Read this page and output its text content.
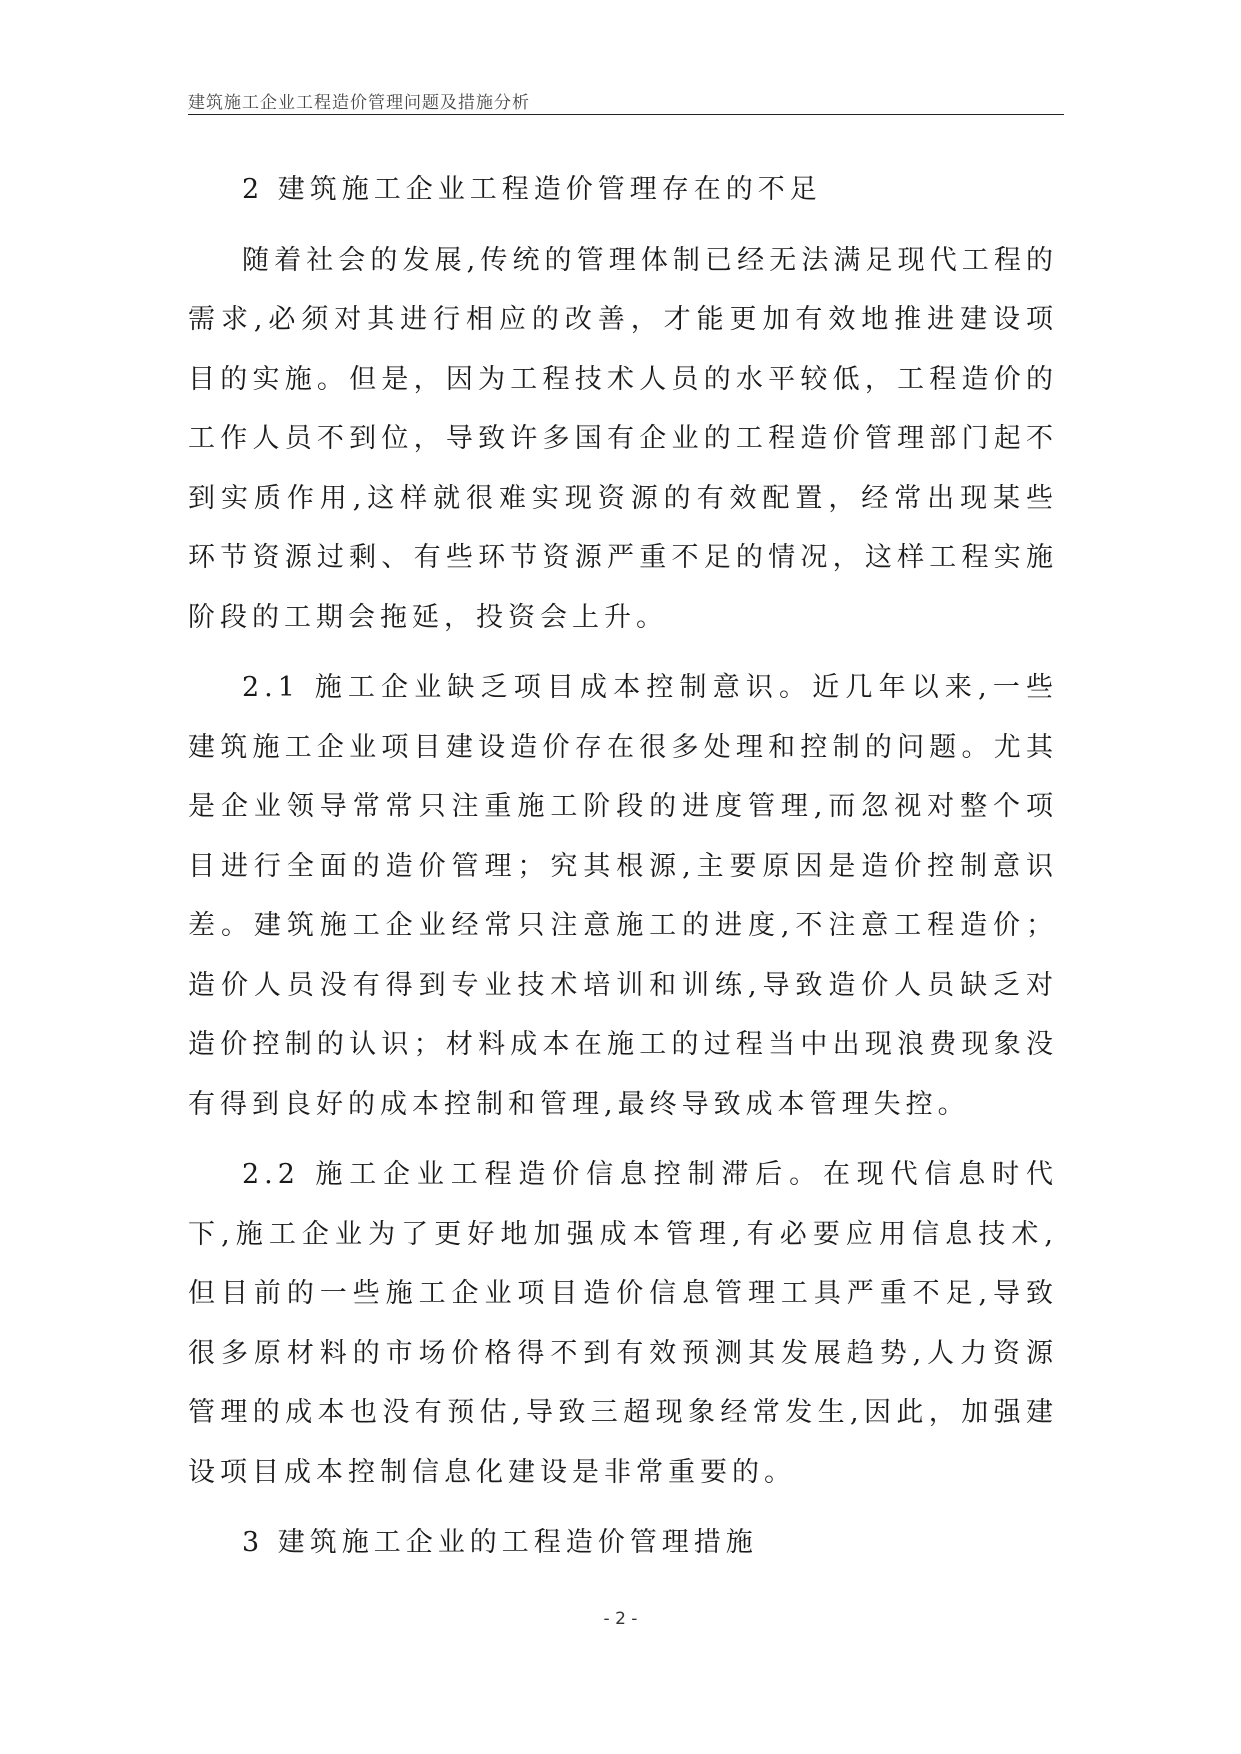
建筑施工企业工程造价管理问题及措施分析
2 建筑施工企业工程造价管理存在的不足

随着社会的发展,传统的管理体制已经无法满足现代工程的需求,必须对其进行相应的改善，才能更加有效地推进建设项目的实施。但是，因为工程技术人员的水平较低，工程造价的工作人员不到位，导致许多国有企业的工程造价管理部门起不到实质作用,这样就很难实现资源的有效配置，经常出现某些环节资源过剩、有些环节资源严重不足的情况，这样工程实施阶段的工期会拖延，投资会上升。

2.1 施工企业缺乏项目成本控制意识。近几年以来,一些建筑施工企业项目建设造价存在很多处理和控制的问题。尤其是企业领导常常只注重施工阶段的进度管理,而忽视对整个项目进行全面的造价管理；究其根源,主要原因是造价控制意识差。建筑施工企业经常只注意施工的进度,不注意工程造价；造价人员没有得到专业技术培训和训练,导致造价人员缺乏对造价控制的认识；材料成本在施工的过程当中出现浪费现象没有得到良好的成本控制和管理,最终导致成本管理失控。

2.2 施工企业工程造价信息控制滞后。在现代信息时代下,施工企业为了更好地加强成本管理,有必要应用信息技术,但目前的一些施工企业项目造价信息管理工具严重不足,导致很多原材料的市场价格得不到有效预测其发展趋势,人力资源管理的成本也没有预估,导致三超现象经常发生,因此，加强建设项目成本控制信息化建设是非常重要的。

3 建筑施工企业的工程造价管理措施
- 2 -
